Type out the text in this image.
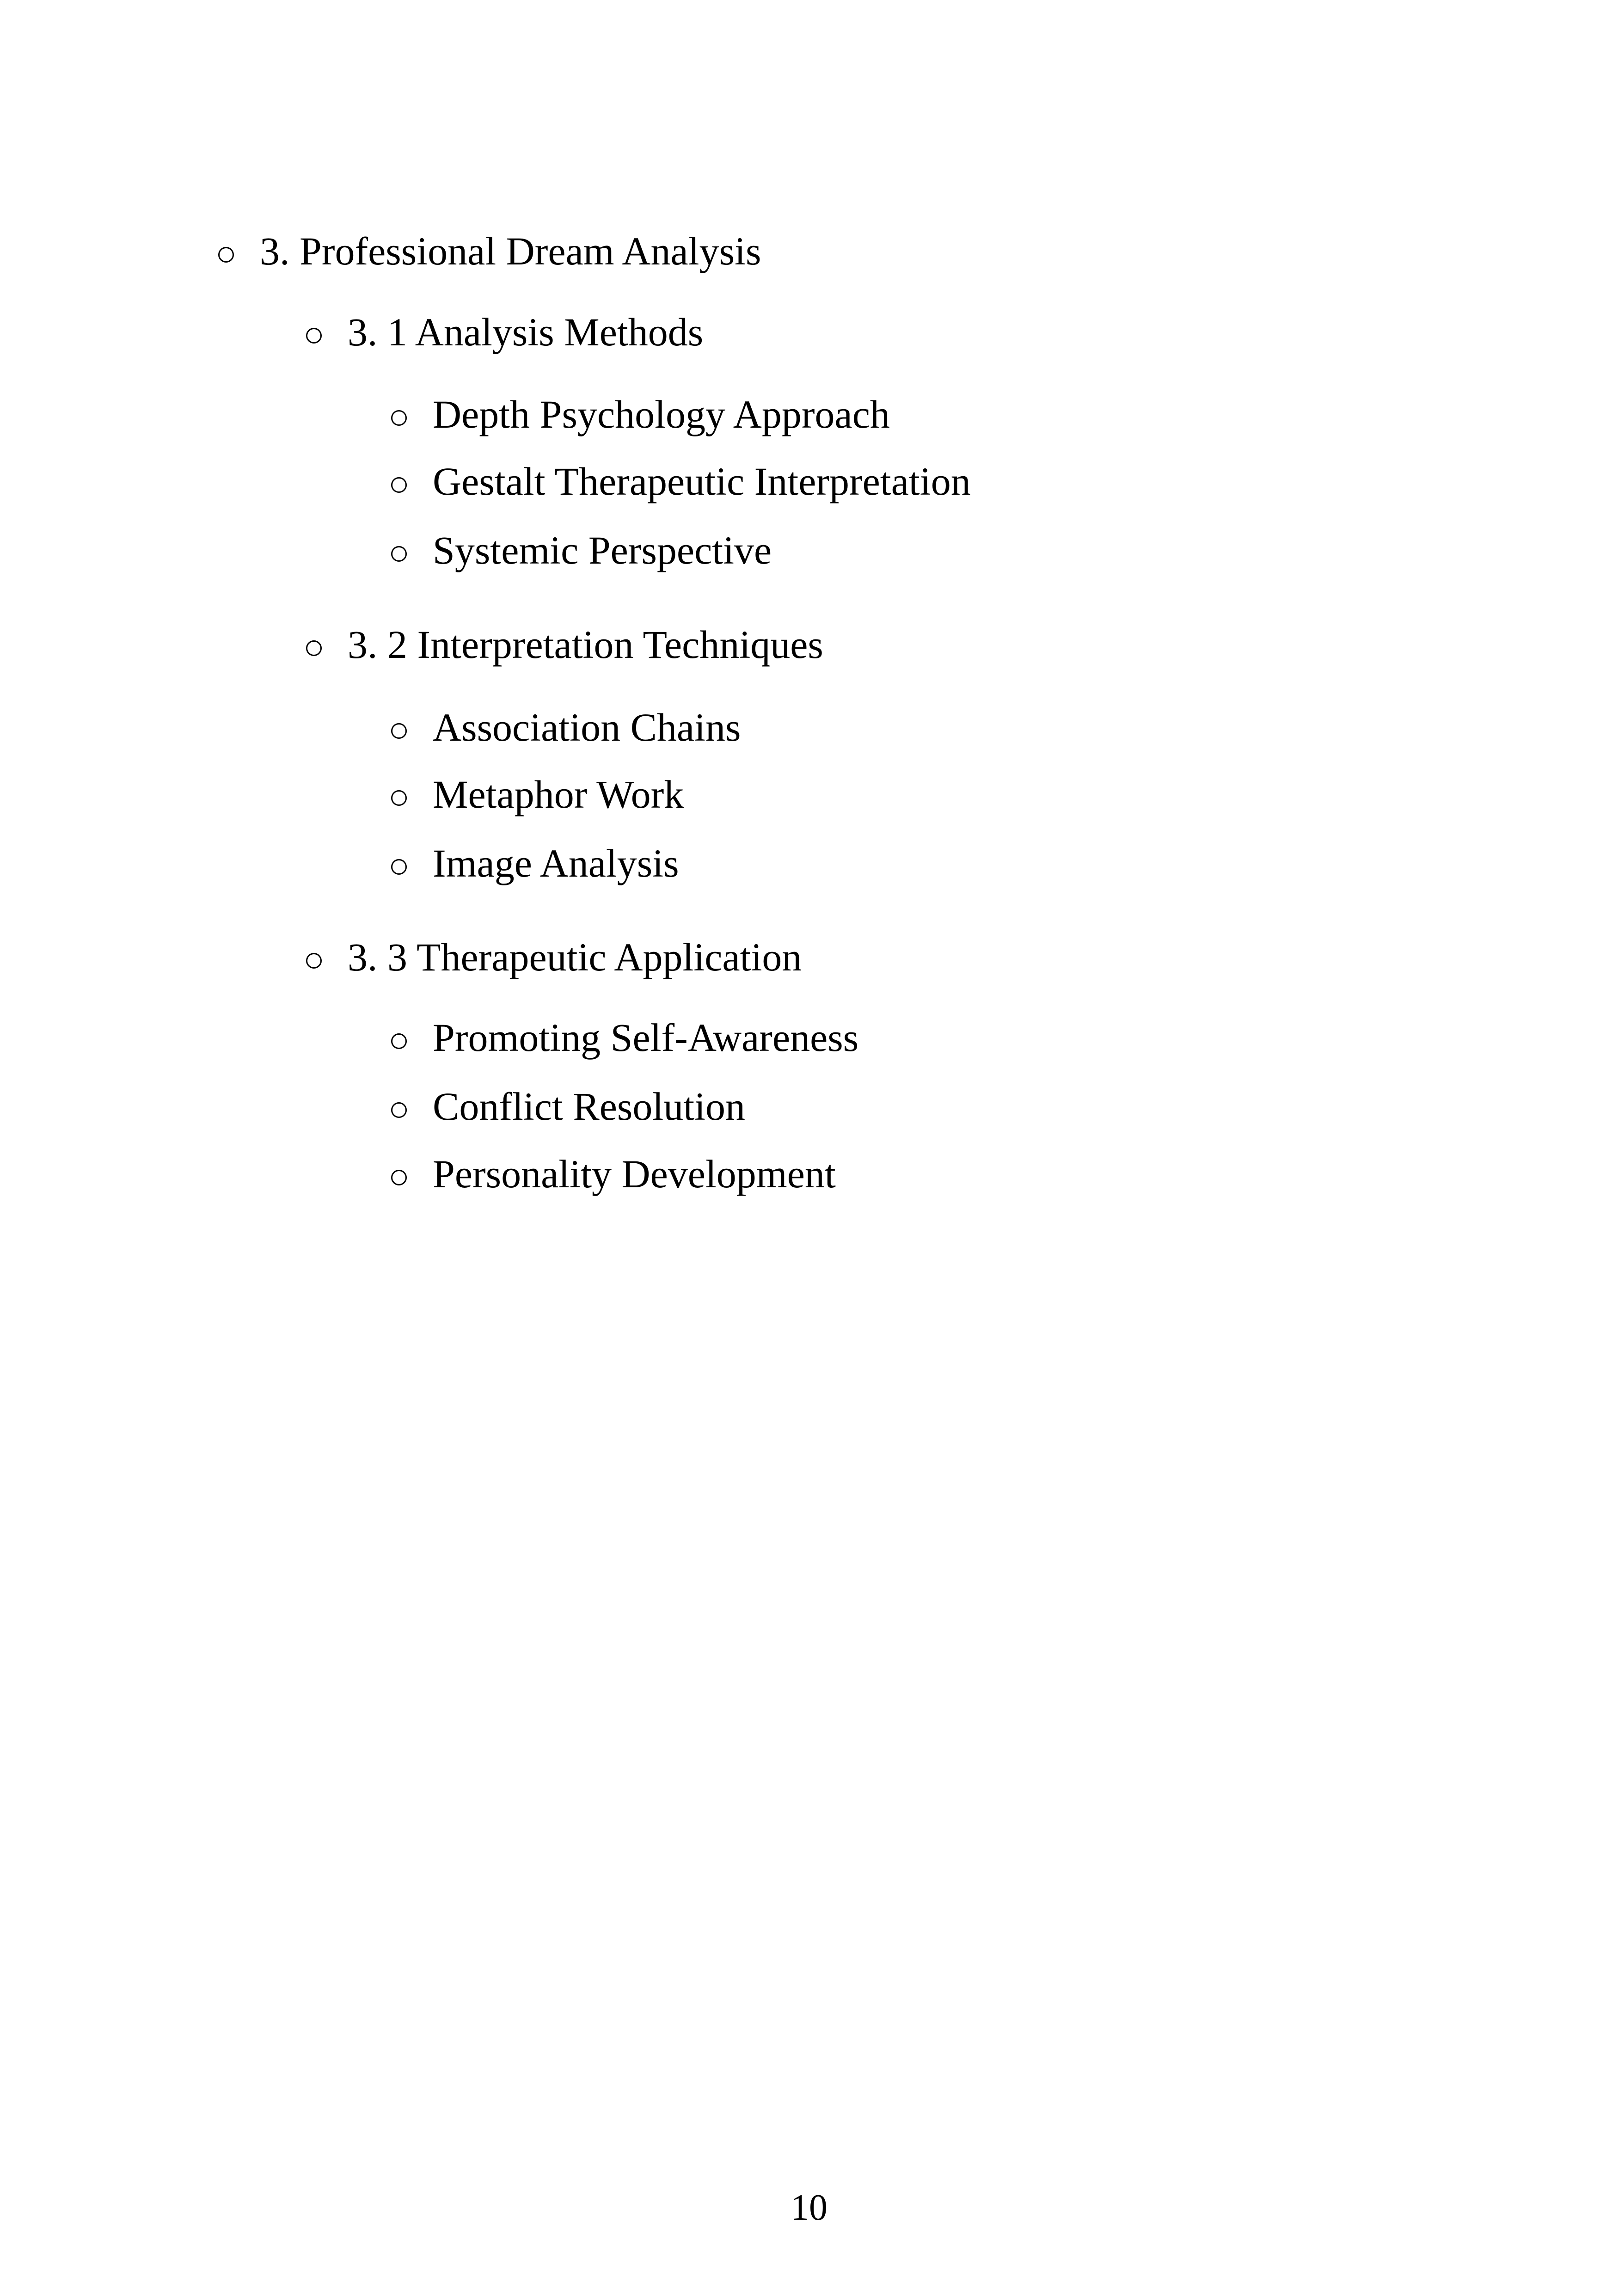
3. Professional Dream Analysis
3. 1 Analysis Methods
Depth Psychology Approach
Gestalt Therapeutic Interpretation
Systemic Perspective
3. 2 Interpretation Techniques
Association Chains
Metaphor Work
Image Analysis
3. 3 Therapeutic Application
Promoting Self-Awareness
Conflict Resolution
Personality Development
10
